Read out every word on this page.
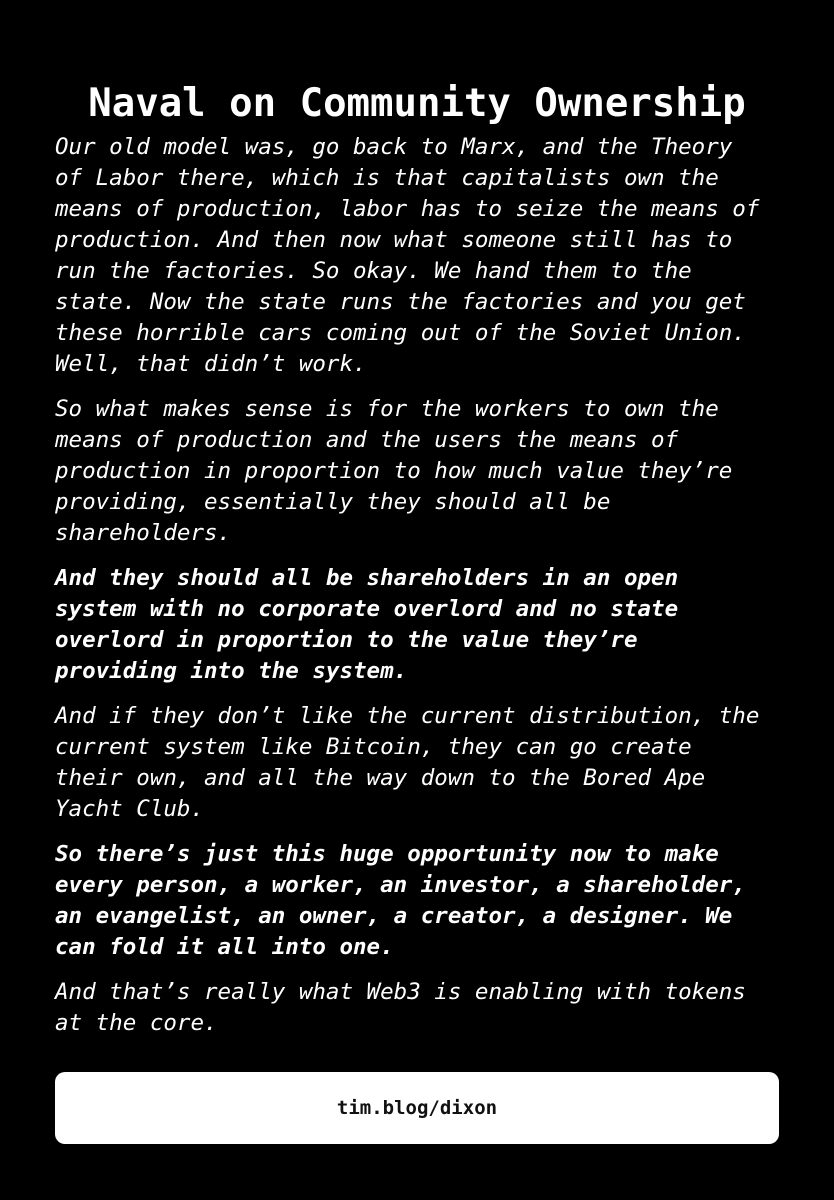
Naval on Community Ownership

Our old model was, go back to Marx, and the Theory
of Labor there, which is that capitalists own the
means of production, labor has to seize the means of
production. And then now what someone still has to
run the factories. So okay. We hand them to the
state. Now the state runs the factories and you get
these horrible cars coming out of the Soviet Union.
Well, that didn’t work.

So what makes sense is for the workers to own the
means of production and the users the means of
production in proportion to how much value they’re
providing, essentially they should all be
shareholders.

And they should all be shareholders in an open
system with no corporate overlord and no state
overlord in proportion to the value they’re
providing into the system.

And if they don’t like the current distribution, the
current system like Bitcoin, they can go create
their own, and all the way down to the Bored Ape
Yacht Club.

So there’s just this huge opportunity now to make
every person, a worker, an investor, a shareholder,
an evangelist, an owner, a creator, a designer. We
can fold it all into one.

And that’s really what Web3 is enabling with tokens
at the core.

tim.blog/dixon
